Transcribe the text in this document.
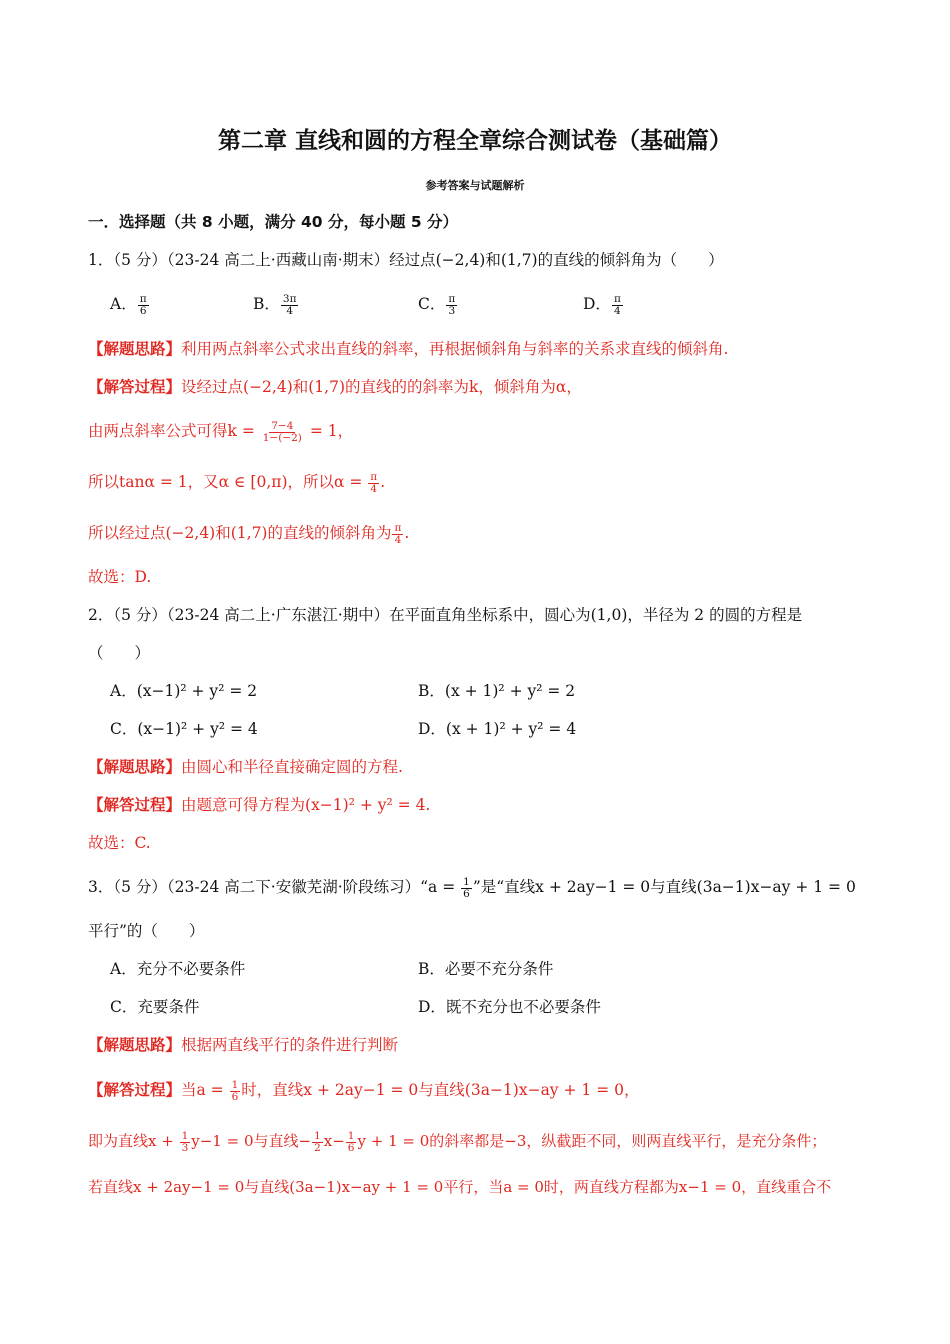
第二章 直线和圆的方程全章综合测试卷（基础篇）
参考答案与试题解析
一．选择题（共 8 小题，满分 40 分，每小题 5 分）
1．（5 分）（23-24 高二上·西藏山南·期末）经过点(−2,4)和(1,7)的直线的倾斜角为（　　）
A． $\frac{\pi}{6}$	B． $\frac{3\pi}{4}$	C． $\frac{\pi}{3}$	D． $\frac{\pi}{4}$
【解题思路】利用两点斜率公式求出直线的斜率，再根据倾斜角与斜率的关系求直线的倾斜角.
【解答过程】设经过点(−2,4)和(1,7)的直线的的斜率为k，倾斜角为α，
由两点斜率公式可得$k = \frac{7-4}{1-(-2)} = 1$，
所以tanα = 1，又α ∈ [0,π)，所以$\alpha = \frac{\pi}{4}$ .
所以经过点(−2,4)和(1,7)的直线的倾斜角为 $\frac{\pi}{4}$ .
故选：D.
2．（5 分）（23-24 高二上·广东湛江·期中）在平面直角坐标系中，圆心为(1,0)，半径为 2 的圆的方程是
（　　）
A．(x−1)² + y² = 2	B．(x + 1)² + y² = 2
C．(x−1)² + y² = 4	D．(x + 1)² + y² = 4
【解题思路】由圆心和半径直接确定圆的方程.
【解答过程】由题意可得方程为(x−1)² + y² = 4.
故选：C.
3．（5 分）（23-24 高二下·安徽芜湖·阶段练习）“a = $\frac{1}{6}$ ”是“直线x + 2ay−1 = 0与直线(3a−1)x−ay + 1 = 0
平行”的（　　）
A．充分不必要条件	B．必要不充分条件
C．充要条件	D．既不充分也不必要条件
【解题思路】根据两直线平行的条件进行判断
【解答过程】当$a = \frac{1}{6}$ 时，直线x + 2ay−1 = 0与直线(3a−1)x−ay + 1 = 0，
即为直线$x + \frac{1}{3} y-1 = 0$与直线− $\frac{1}{2} x- \frac{1}{6}$ y + 1 = 0的斜率都是−3，纵截距不同，则两直线平行，是充分条件；
若直线x + 2ay−1 = 0与直线(3a−1)x−ay + 1 = 0平行，当a = 0时，两直线方程都为x−1 = 0，直线重合不
